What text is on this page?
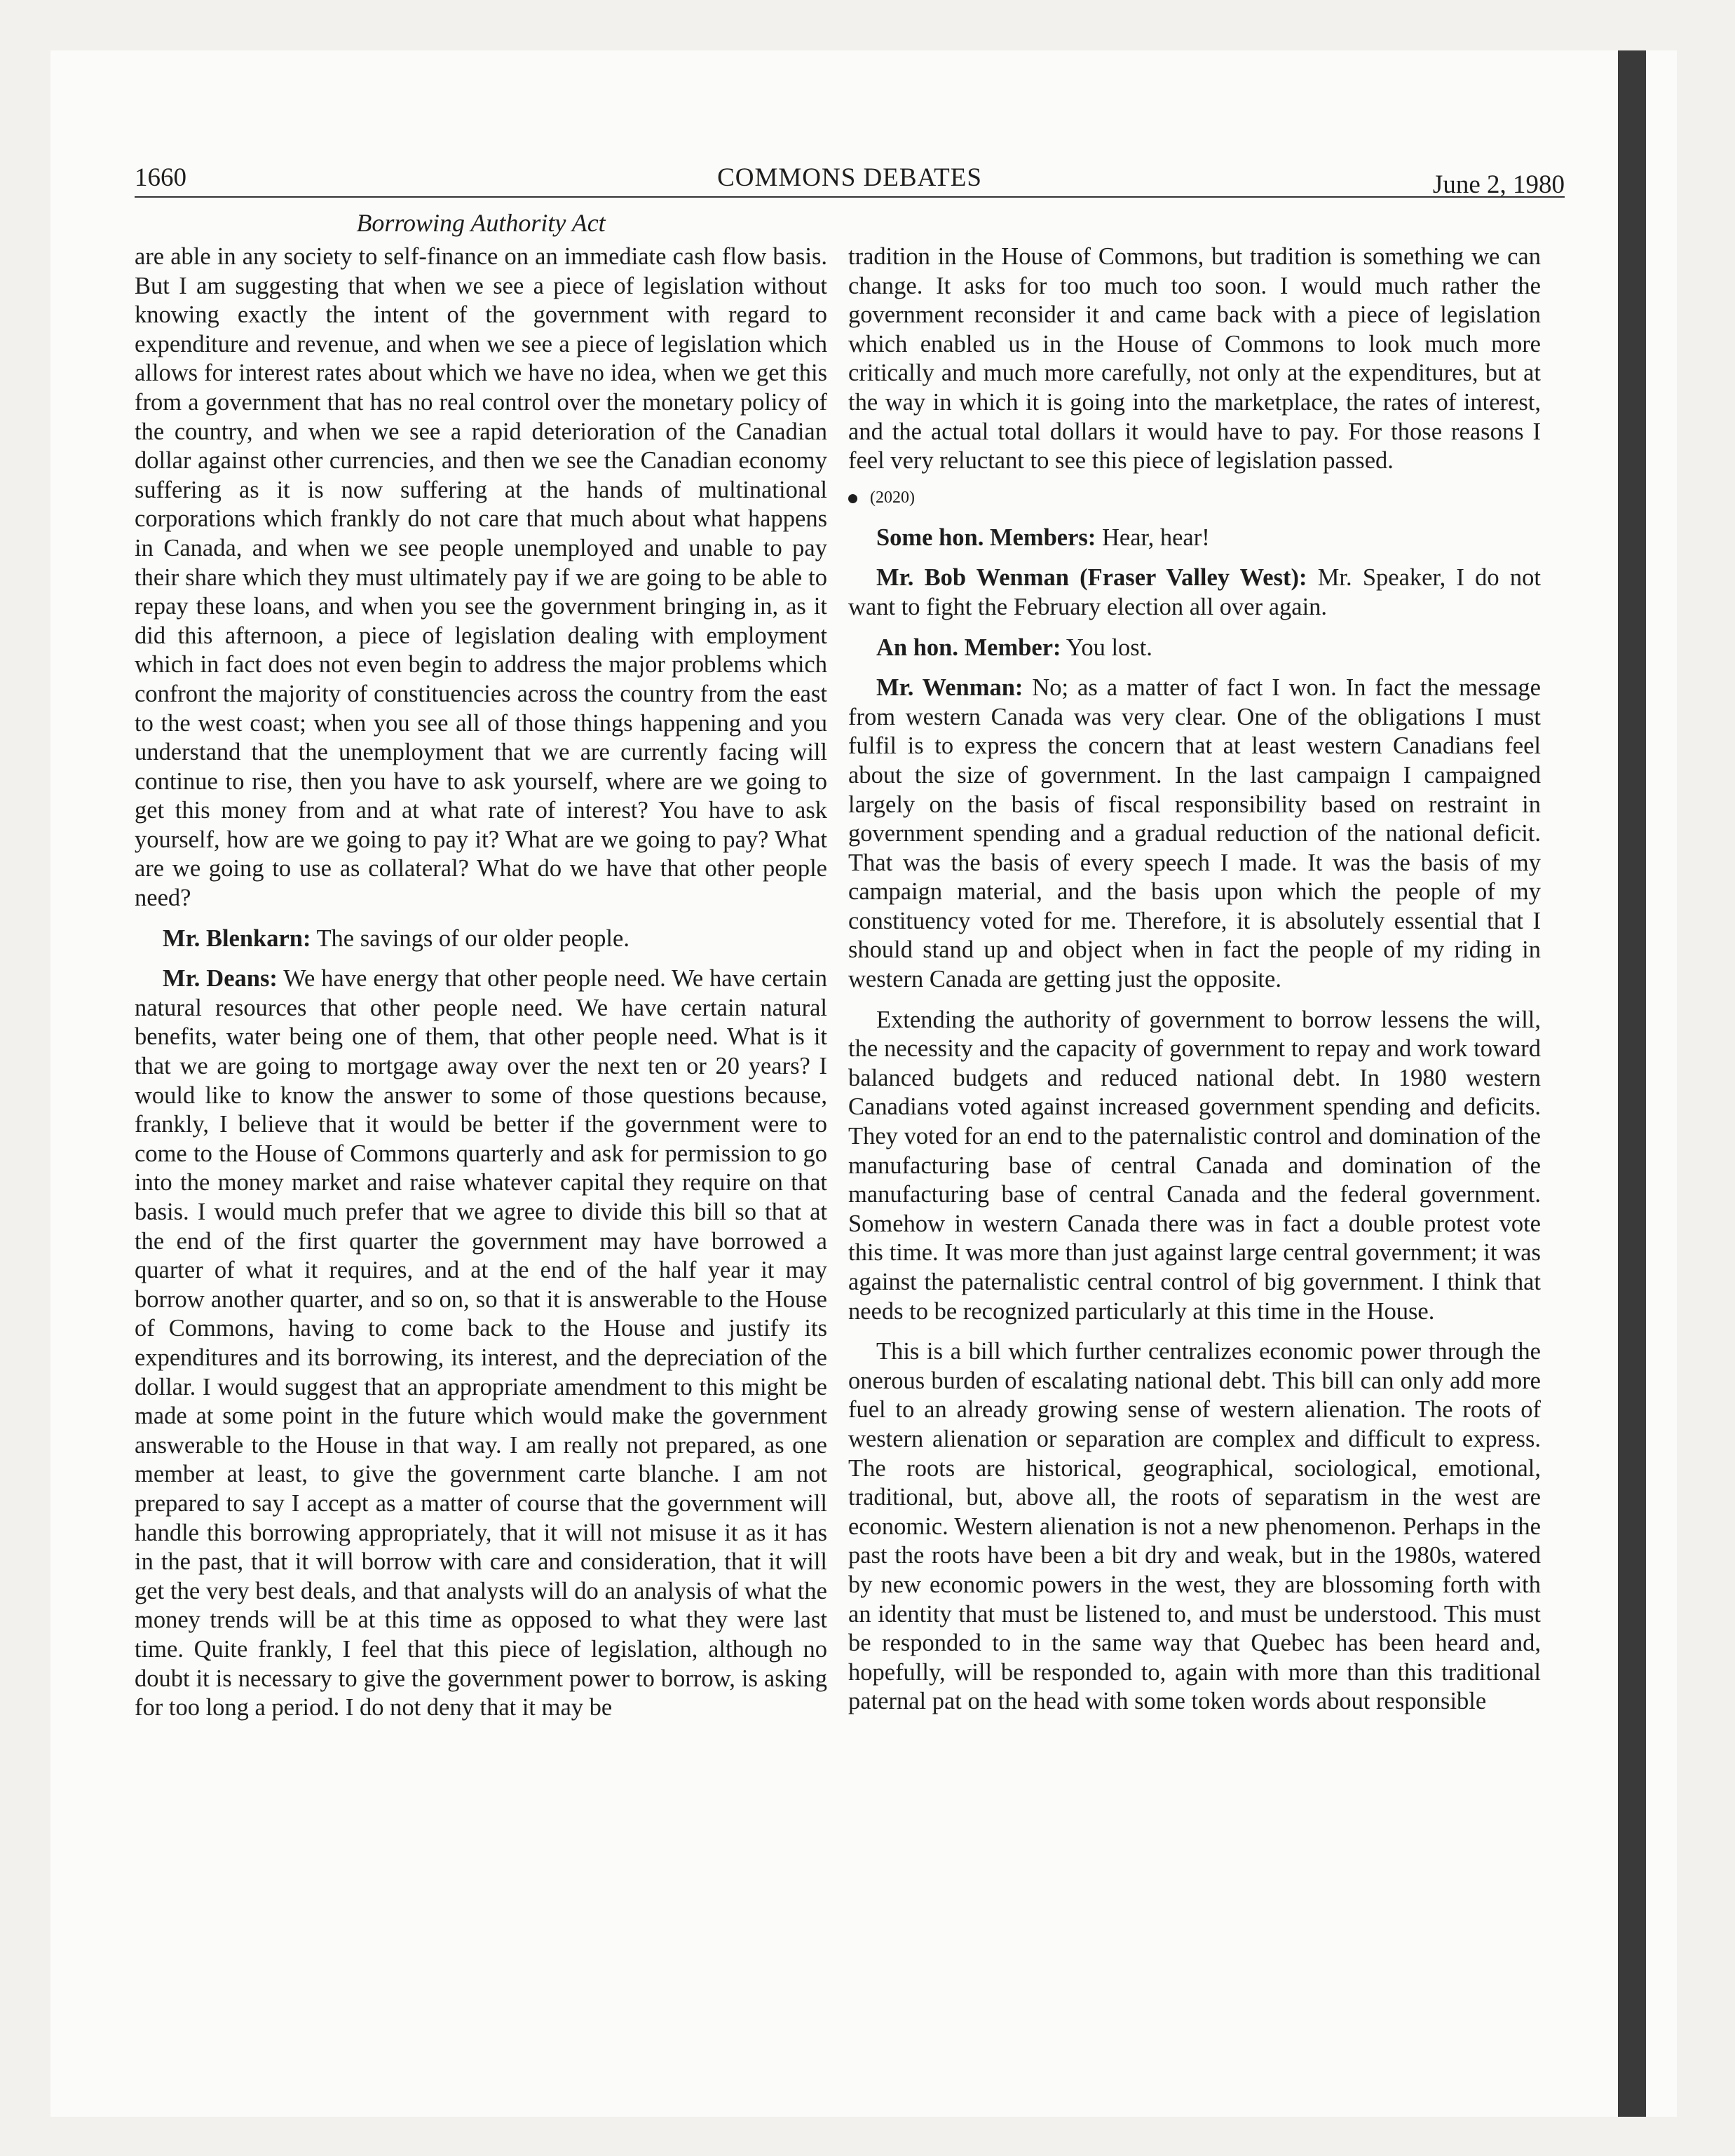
1660	COMMONS DEBATES	June 2, 1980
Borrowing Authority Act

are able in any society to self-finance on an immediate cash flow basis. But I am suggesting that when we see a piece of legislation without knowing exactly the intent of the government with regard to expenditure and revenue, and when we see a piece of legislation which allows for interest rates about which we have no idea, when we get this from a government that has no real control over the monetary policy of the country, and when we see a rapid deterioration of the Canadian dollar against other currencies, and then we see the Canadian economy suffering as it is now suffering at the hands of multinational corporations which frankly do not care that much about what happens in Canada, and when we see people unemployed and unable to pay their share which they must ultimately pay if we are going to be able to repay these loans, and when you see the government bringing in, as it did this afternoon, a piece of legislation dealing with employment which in fact does not even begin to address the major problems which confront the majority of constituencies across the country from the east to the west coast; when you see all of those things happening and you understand that the unemployment that we are currently facing will continue to rise, then you have to ask yourself, where are we going to get this money from and at what rate of interest? You have to ask yourself, how are we going to pay it? What are we going to pay? What are we going to use as collateral? What do we have that other people need?

Mr. Blenkarn: The savings of our older people.

Mr. Deans: We have energy that other people need. We have certain natural resources that other people need. We have certain natural benefits, water being one of them, that other people need. What is it that we are going to mortgage away over the next ten or 20 years? I would like to know the answer to some of those questions because, frankly, I believe that it would be better if the government were to come to the House of Commons quarterly and ask for permission to go into the money market and raise whatever capital they require on that basis. I would much prefer that we agree to divide this bill so that at the end of the first quarter the government may have borrowed a quarter of what it requires, and at the end of the half year it may borrow another quarter, and so on, so that it is answerable to the House of Commons, having to come back to the House and justify its expenditures and its borrowing, its interest, and the depreciation of the dollar. I would suggest that an appropriate amendment to this might be made at some point in the future which would make the government answerable to the House in that way. I am really not prepared, as one member at least, to give the government carte blanche. I am not prepared to say I accept as a matter of course that the government will handle this borrowing appropriately, that it will not misuse it as it has in the past, that it will borrow with care and consideration, that it will get the very best deals, and that analysts will do an analysis of what the money trends will be at this time as opposed to what they were last time. Quite frankly, I feel that this piece of legislation, although no doubt it is necessary to give the government power to borrow, is asking for too long a period. I do not deny that it may be

tradition in the House of Commons, but tradition is something we can change. It asks for too much too soon. I would much rather the government reconsider it and came back with a piece of legislation which enabled us in the House of Commons to look much more critically and much more carefully, not only at the expenditures, but at the way in which it is going into the marketplace, the rates of interest, and the actual total dollars it would have to pay. For those reasons I feel very reluctant to see this piece of legislation passed.

(2020)

Some hon. Members: Hear, hear!

Mr. Bob Wenman (Fraser Valley West): Mr. Speaker, I do not want to fight the February election all over again.

An hon. Member: You lost.

Mr. Wenman: No; as a matter of fact I won. In fact the message from western Canada was very clear. One of the obligations I must fulfil is to express the concern that at least western Canadians feel about the size of government. In the last campaign I campaigned largely on the basis of fiscal responsibility based on restraint in government spending and a gradual reduction of the national deficit. That was the basis of every speech I made. It was the basis of my campaign material, and the basis upon which the people of my constituency voted for me. Therefore, it is absolutely essential that I should stand up and object when in fact the people of my riding in western Canada are getting just the opposite.

Extending the authority of government to borrow lessens the will, the necessity and the capacity of government to repay and work toward balanced budgets and reduced national debt. In 1980 western Canadians voted against increased government spending and deficits. They voted for an end to the paternalistic control and domination of the manufacturing base of central Canada and domination of the manufacturing base of central Canada and the federal government. Somehow in western Canada there was in fact a double protest vote this time. It was more than just against large central government; it was against the paternalistic central control of big government. I think that needs to be recognized particularly at this time in the House.

This is a bill which further centralizes economic power through the onerous burden of escalating national debt. This bill can only add more fuel to an already growing sense of western alienation. The roots of western alienation or separation are complex and difficult to express. The roots are historical, geographical, sociological, emotional, traditional, but, above all, the roots of separatism in the west are economic. Western alienation is not a new phenomenon. Perhaps in the past the roots have been a bit dry and weak, but in the 1980s, watered by new economic powers in the west, they are blossoming forth with an identity that must be listened to, and must be understood. This must be responded to in the same way that Quebec has been heard and, hopefully, will be responded to, again with more than this traditional paternal pat on the head with some token words about responsible
